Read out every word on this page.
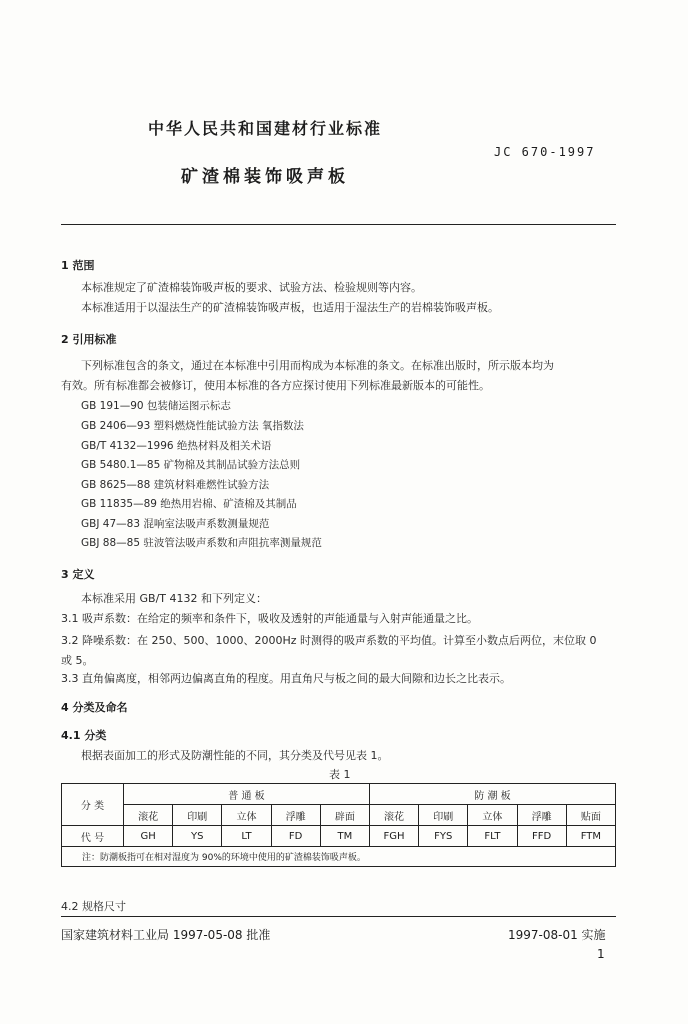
中华人民共和国建材行业标准
JC 670-1997
矿渣棉装饰吸声板
1 范围
本标准规定了矿渣棉装饰吸声板的要求、试验方法、检验规则等内容。
本标准适用于以湿法生产的矿渣棉装饰吸声板，也适用于湿法生产的岩棉装饰吸声板。
2 引用标准
下列标准包含的条文，通过在本标准中引用而构成为本标准的条文。在标准出版时，所示版本均为
有效。所有标准都会被修订，使用本标准的各方应探讨使用下列标准最新版本的可能性。
GB 191—90 包装储运图示标志
GB 2406—93 塑料燃烧性能试验方法 氧指数法
GB/T 4132—1996 绝热材料及相关术语
GB 5480.1—85 矿物棉及其制品试验方法总则
GB 8625—88 建筑材料难燃性试验方法
GB 11835—89 绝热用岩棉、矿渣棉及其制品
GBJ 47—83 混响室法吸声系数测量规范
GBJ 88—85 驻波管法吸声系数和声阻抗率测量规范
3 定义
本标准采用 GB/T 4132 和下列定义：
3.1 吸声系数：在给定的频率和条件下，吸收及透射的声能通量与入射声能通量之比。
3.2 降噪系数：在 250、500、1000、2000Hz 时测得的吸声系数的平均值。计算至小数点后两位，末位取 0
或 5。
3.3 直角偏离度，相邻两边偏离直角的程度。用直角尺与板之间的最大间隙和边长之比表示。
4 分类及命名
4.1 分类
根据表面加工的形式及防潮性能的不同，其分类及代号见表 1。
表 1
分 类	普 通 板					防 潮 板				
	滚花	印刷	立体	浮雕	辟面	滚花	印刷	立体	浮雕	贴面
代 号	GH	YS	LT	FD	TM	FGH	FYS	FLT	FFD	FTM
注：防潮板指可在相对湿度为 90%的环境中使用的矿渣棉装饰吸声板。										
4.2 规格尺寸
国家建筑材料工业局 1997-05-08 批准	1997-08-01 实施
1
